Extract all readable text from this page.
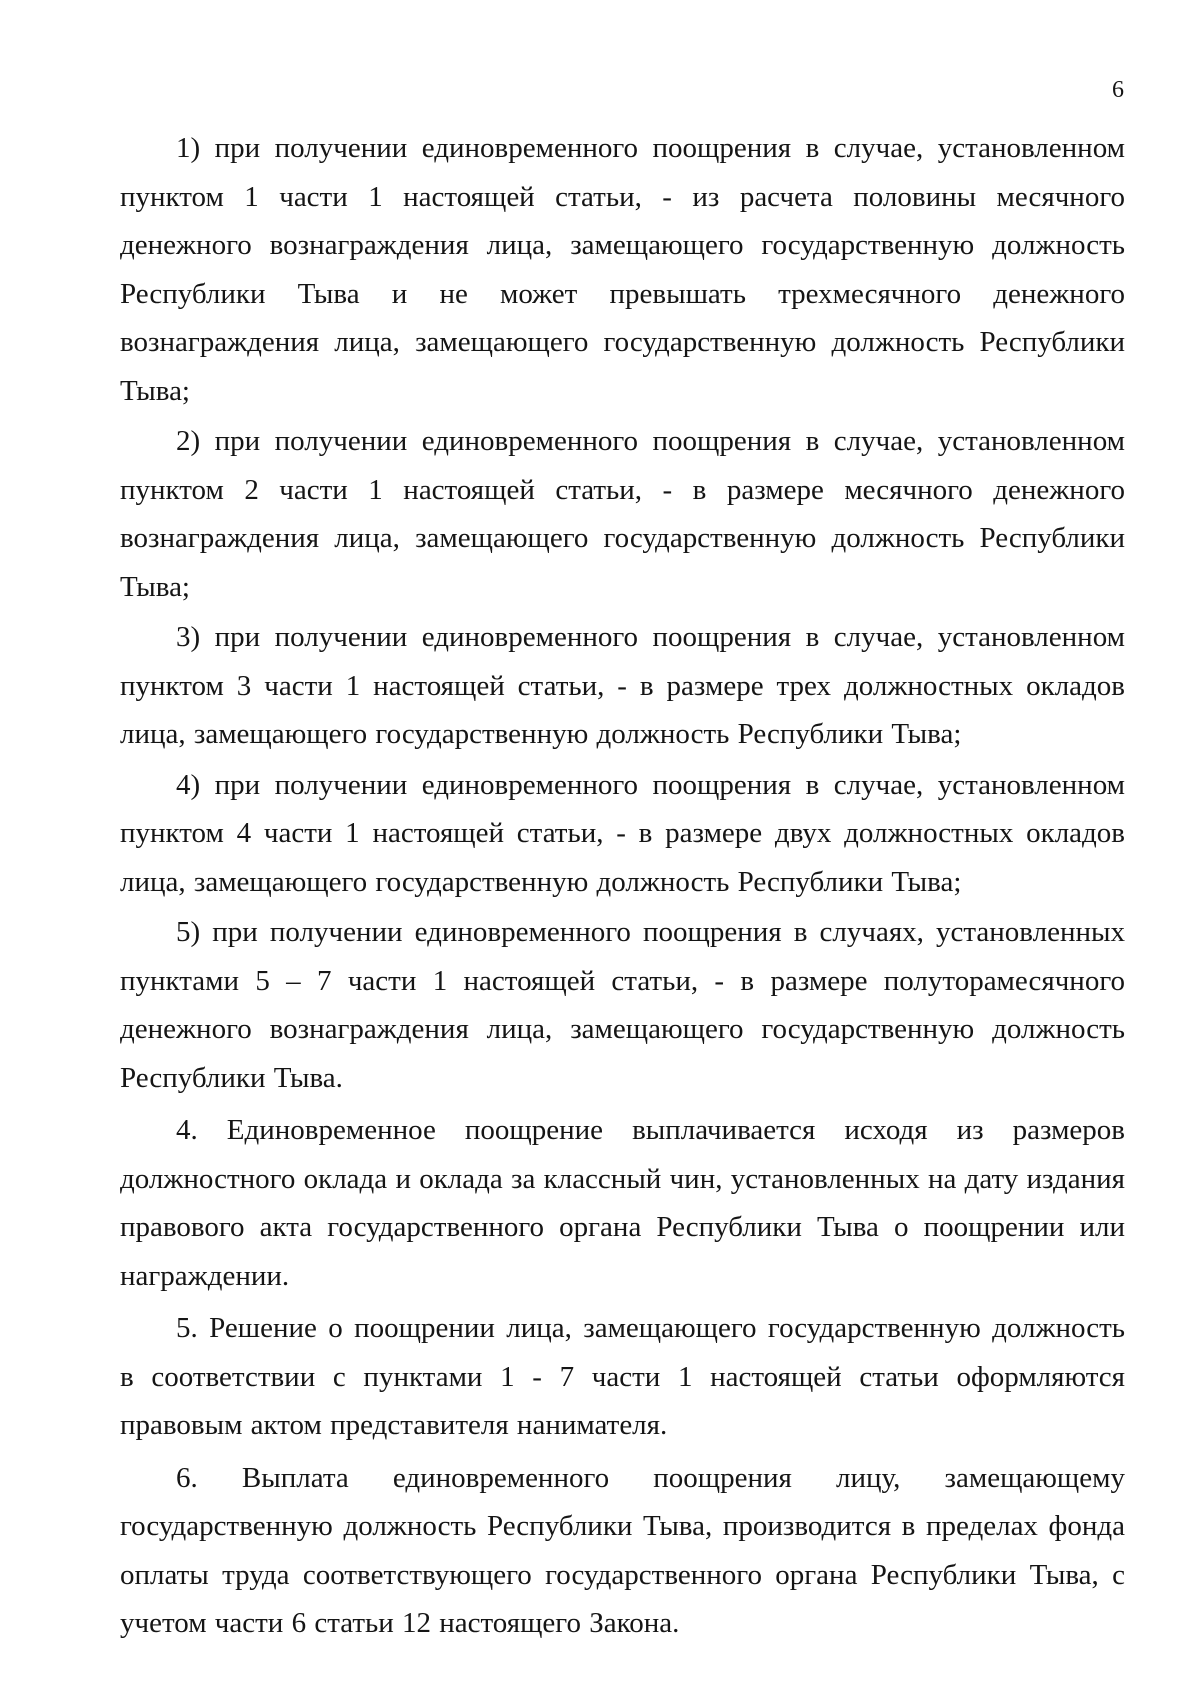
6

1) при получении единовременного поощрения в случае, установленном пунктом 1 части 1 настоящей статьи, - из расчета половины месячного денежного вознаграждения лица, замещающего государственную должность Республики Тыва и не может превышать трехмесячного денежного вознаграждения лица, замещающего государственную должность Республики Тыва;

2) при получении единовременного поощрения в случае, установленном пунктом 2 части 1 настоящей статьи, - в размере месячного денежного вознаграждения лица, замещающего государственную должность Республики Тыва;

3) при получении единовременного поощрения в случае, установленном пунктом 3 части 1 настоящей статьи, - в размере трех должностных окладов лица, замещающего государственную должность Республики Тыва;

4) при получении единовременного поощрения в случае, установленном пунктом 4 части 1 настоящей статьи, - в размере двух должностных окладов лица, замещающего государственную должность Республики Тыва;

5) при получении единовременного поощрения в случаях, установленных пунктами 5 – 7 части 1 настоящей статьи, - в размере полуторамесячного денежного вознаграждения лица, замещающего государственную должность Республики Тыва.

4. Единовременное поощрение выплачивается исходя из размеров должностного оклада и оклада за классный чин, установленных на дату издания правового акта государственного органа Республики Тыва о поощрении или награждении.

5. Решение о поощрении лица, замещающего государственную должность в соответствии с пунктами 1 - 7 части 1 настоящей статьи оформляются правовым актом представителя нанимателя.

6. Выплата единовременного поощрения лицу, замещающему государственную должность Республики Тыва, производится в пределах фонда оплаты труда соответствующего государственного органа Республики Тыва, с учетом части 6 статьи 12 настоящего Закона.
